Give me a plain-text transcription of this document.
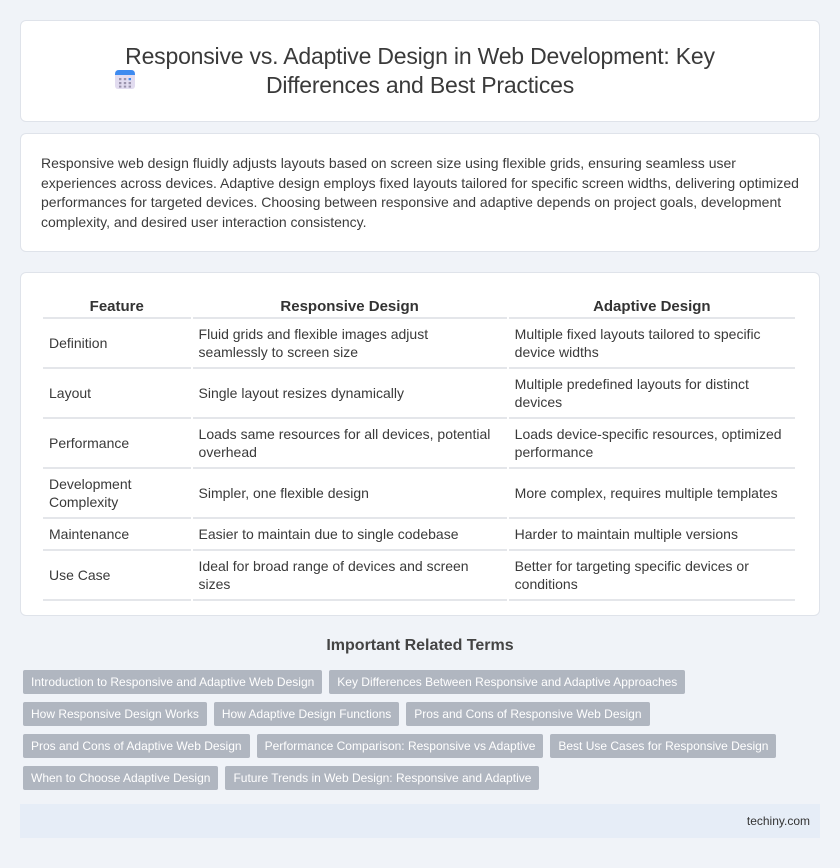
Responsive vs. Adaptive Design in Web Development: Key Differences and Best Practices

Responsive web design fluidly adjusts layouts based on screen size using flexible grids, ensuring seamless user experiences across devices. Adaptive design employs fixed layouts tailored for specific screen widths, delivering optimized performances for targeted devices. Choosing between responsive and adaptive depends on project goals, development complexity, and desired user interaction consistency.

Feature	Responsive Design	Adaptive Design
Definition	Fluid grids and flexible images adjust seamlessly to screen size	Multiple fixed layouts tailored to specific device widths
Layout	Single layout resizes dynamically	Multiple predefined layouts for distinct devices
Performance	Loads same resources for all devices, potential overhead	Loads device-specific resources, optimized performance
Development Complexity	Simpler, one flexible design	More complex, requires multiple templates
Maintenance	Easier to maintain due to single codebase	Harder to maintain multiple versions
Use Case	Ideal for broad range of devices and screen sizes	Better for targeting specific devices or conditions
Important Related Terms
Introduction to Responsive and Adaptive Web Design	Key Differences Between Responsive and Adaptive Approaches
How Responsive Design Works	How Adaptive Design Functions	Pros and Cons of Responsive Web Design
Pros and Cons of Adaptive Web Design	Performance Comparison: Responsive vs Adaptive	Best Use Cases for Responsive Design
When to Choose Adaptive Design	Future Trends in Web Design: Responsive and Adaptive
techiny.com
